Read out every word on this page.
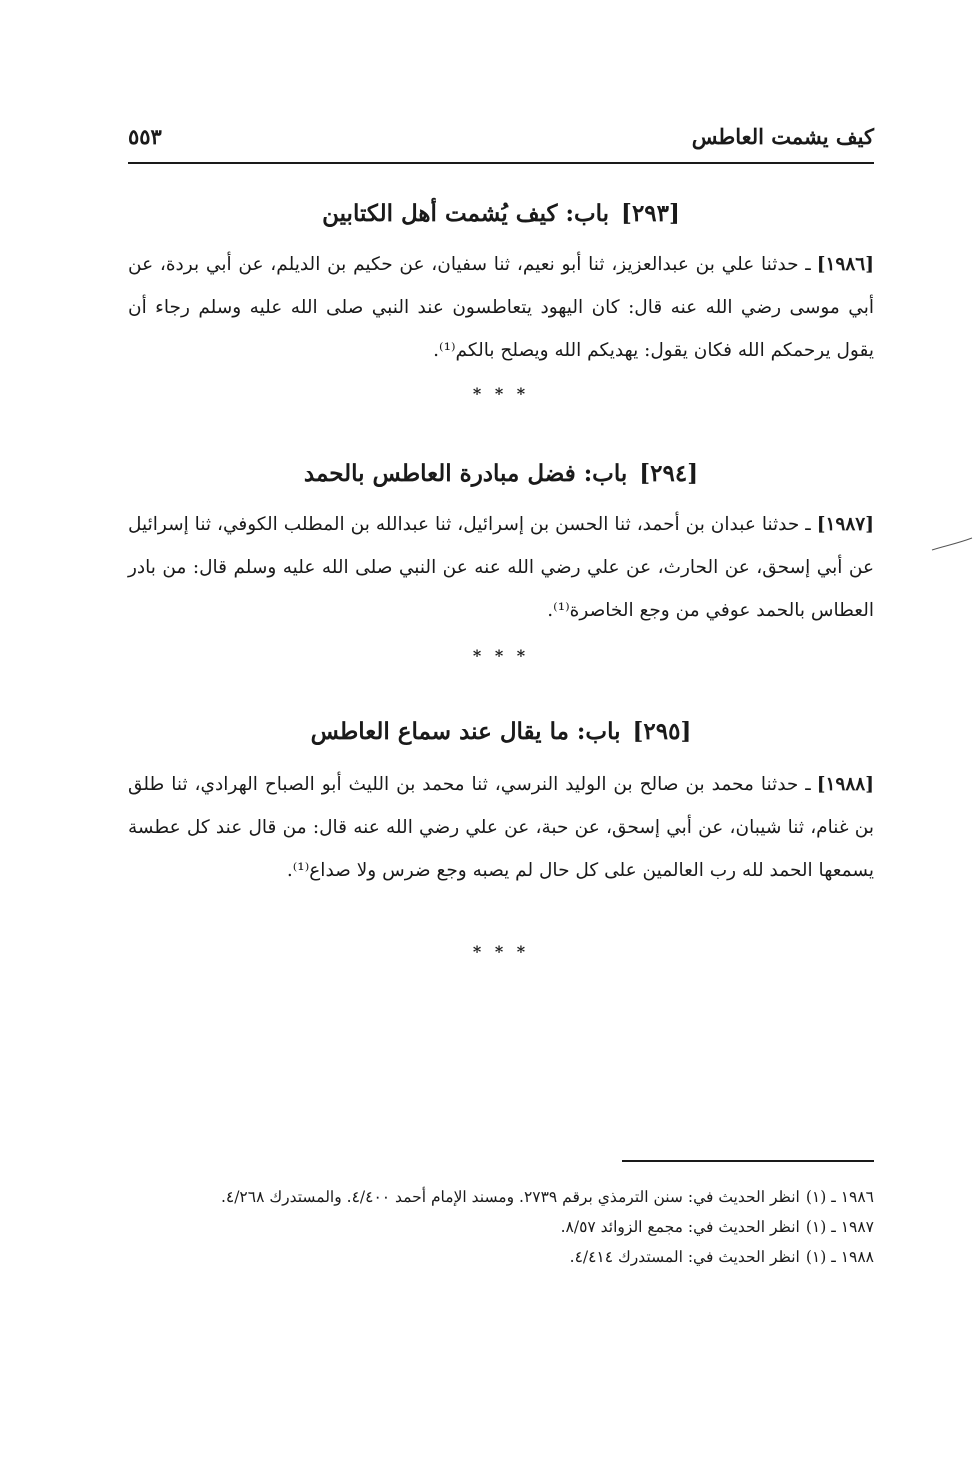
كيف يشمت العاطس
٥٥٣
[٢٩٣] باب: كيف يُشمت أهل الكتابين

[١٩٨٦]ـ حدثنا علي بن عبدالعزيز، ثنا أبو نعيم، ثنا سفيان، عن حكيم بن الديلم، عن أبي بردة، عن أبي موسى رضي الله عنه قال: كان اليهود يتعاطسون عند النبي صلى الله عليه وسلم رجاء أن يقول يرحمكم الله فكان يقول: يهديكم الله ويصلح بالكم⁽¹⁾.

* * *
[٢٩٤] باب: فضل مبادرة العاطس بالحمد

[١٩٨٧]ـ حدثنا عبدان بن أحمد، ثنا الحسن بن إسرائيل، ثنا عبدالله بن المطلب الكوفي، ثنا إسرائيل عن أبي إسحق، عن الحارث، عن علي رضي الله عنه عن النبي صلى الله عليه وسلم قال: من بادر العطاس بالحمد عوفي من وجع الخاصرة⁽¹⁾.

* * *
[٢٩٥] باب: ما يقال عند سماع العاطس

[١٩٨٨]ـ حدثنا محمد بن صالح بن الوليد النرسي، ثنا محمد بن الليث أبو الصباح الهرادي، ثنا طلق بن غنام، ثنا شيبان، عن أبي إسحق، عن حبة، عن علي رضي الله عنه قال: من قال عند كل عطسة يسمعها الحمد لله رب العالمين على كل حال لم يصبه وجع ضرس ولا صداع⁽¹⁾.

* * *

١٩٨٦ ـ (١)انظر الحديث في: سنن الترمذي برقم ٢٧٣٩. ومسند الإمام أحمد ٤/٤٠٠. والمستدرك ٤/٢٦٨.

١٩٨٧ ـ (١)انظر الحديث في: مجمع الزوائد ٨/٥٧.

١٩٨٨ ـ (١)انظر الحديث في: المستدرك ٤/٤١٤.
